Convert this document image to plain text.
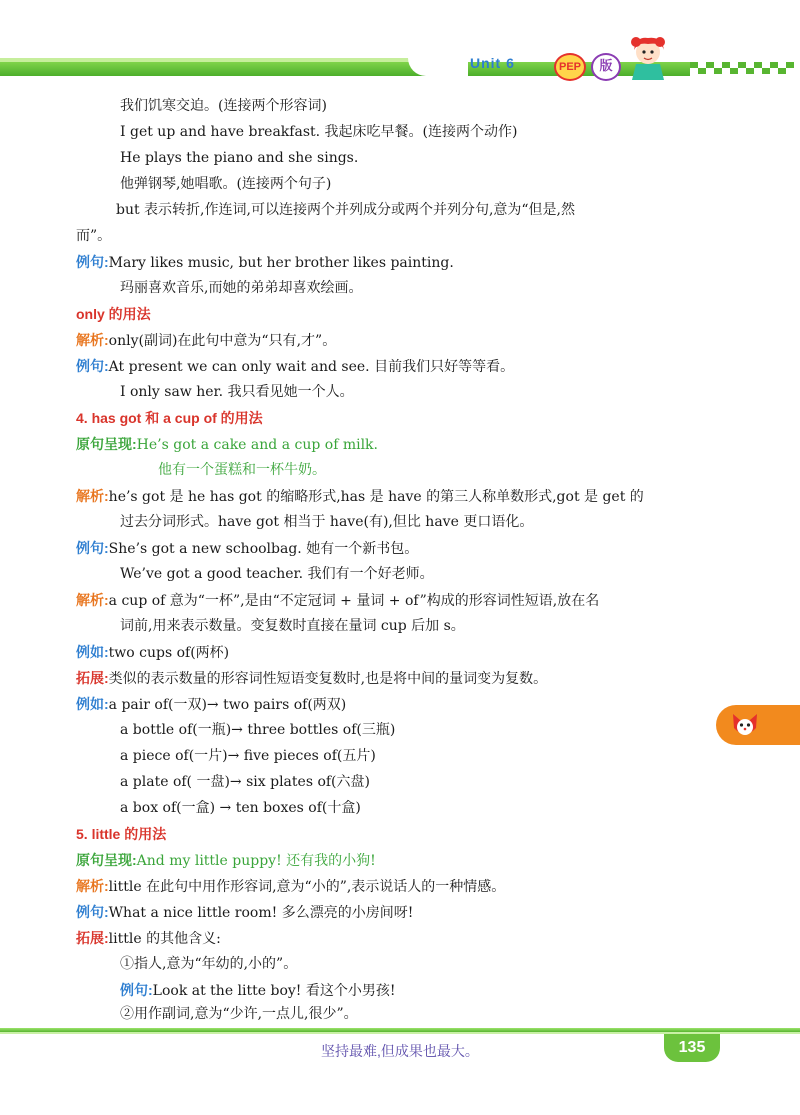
Unit 6	PEP	版
我们饥寒交迫。(连接两个形容词)
I get up and have breakfast. 我起床吃早餐。(连接两个动作)
He plays the piano and she sings.
他弹钢琴,她唱歌。(连接两个句子)
but 表示转折,作连词,可以连接两个并列成分或两个并列分句,意为“但是,然
而”。
例句:Mary likes music, but her brother likes painting.
玛丽喜欢音乐,而她的弟弟却喜欢绘画。
only 的用法
解析:only(副词)在此句中意为“只有,才”。
例句:At present we can only wait and see. 目前我们只好等等看。
I only saw her. 我只看见她一个人。
4. has got 和 a cup of 的用法
原句呈现:He’s got a cake and a cup of milk.
他有一个蛋糕和一杯牛奶。
解析:he’s got 是 he has got 的缩略形式,has 是 have 的第三人称单数形式,got 是 get 的
过去分词形式。have got 相当于 have(有),但比 have 更口语化。
例句:She’s got a new schoolbag. 她有一个新书包。
We’ve got a good teacher. 我们有一个好老师。
解析:a cup of 意为“一杯”,是由“不定冠词 + 量词 + of”构成的形容词性短语,放在名
词前,用来表示数量。变复数时直接在量词 cup 后加 s。
例如:two cups of(两杯)
拓展:类似的表示数量的形容词性短语变复数时,也是将中间的量词变为复数。
例如:a pair of(一双)→ two pairs of(两双)
a bottle of(一瓶)→ three bottles of(三瓶)
a piece of(一片)→ five pieces of(五片)
a plate of( 一盘)→ six plates of(六盘)
a box of(一盒) → ten boxes of(十盒)
5. little 的用法
原句呈现:And my little puppy! 还有我的小狗!
解析:little 在此句中用作形容词,意为“小的”,表示说话人的一种情感。
例句:What a nice little room! 多么漂亮的小房间呀!
拓展:little 的其他含义:
①指人,意为“年幼的,小的”。
例句:Look at the litte boy! 看这个小男孩!
②用作副词,意为“少许,一点儿,很少”。
坚持最难,但成果也最大。	135
